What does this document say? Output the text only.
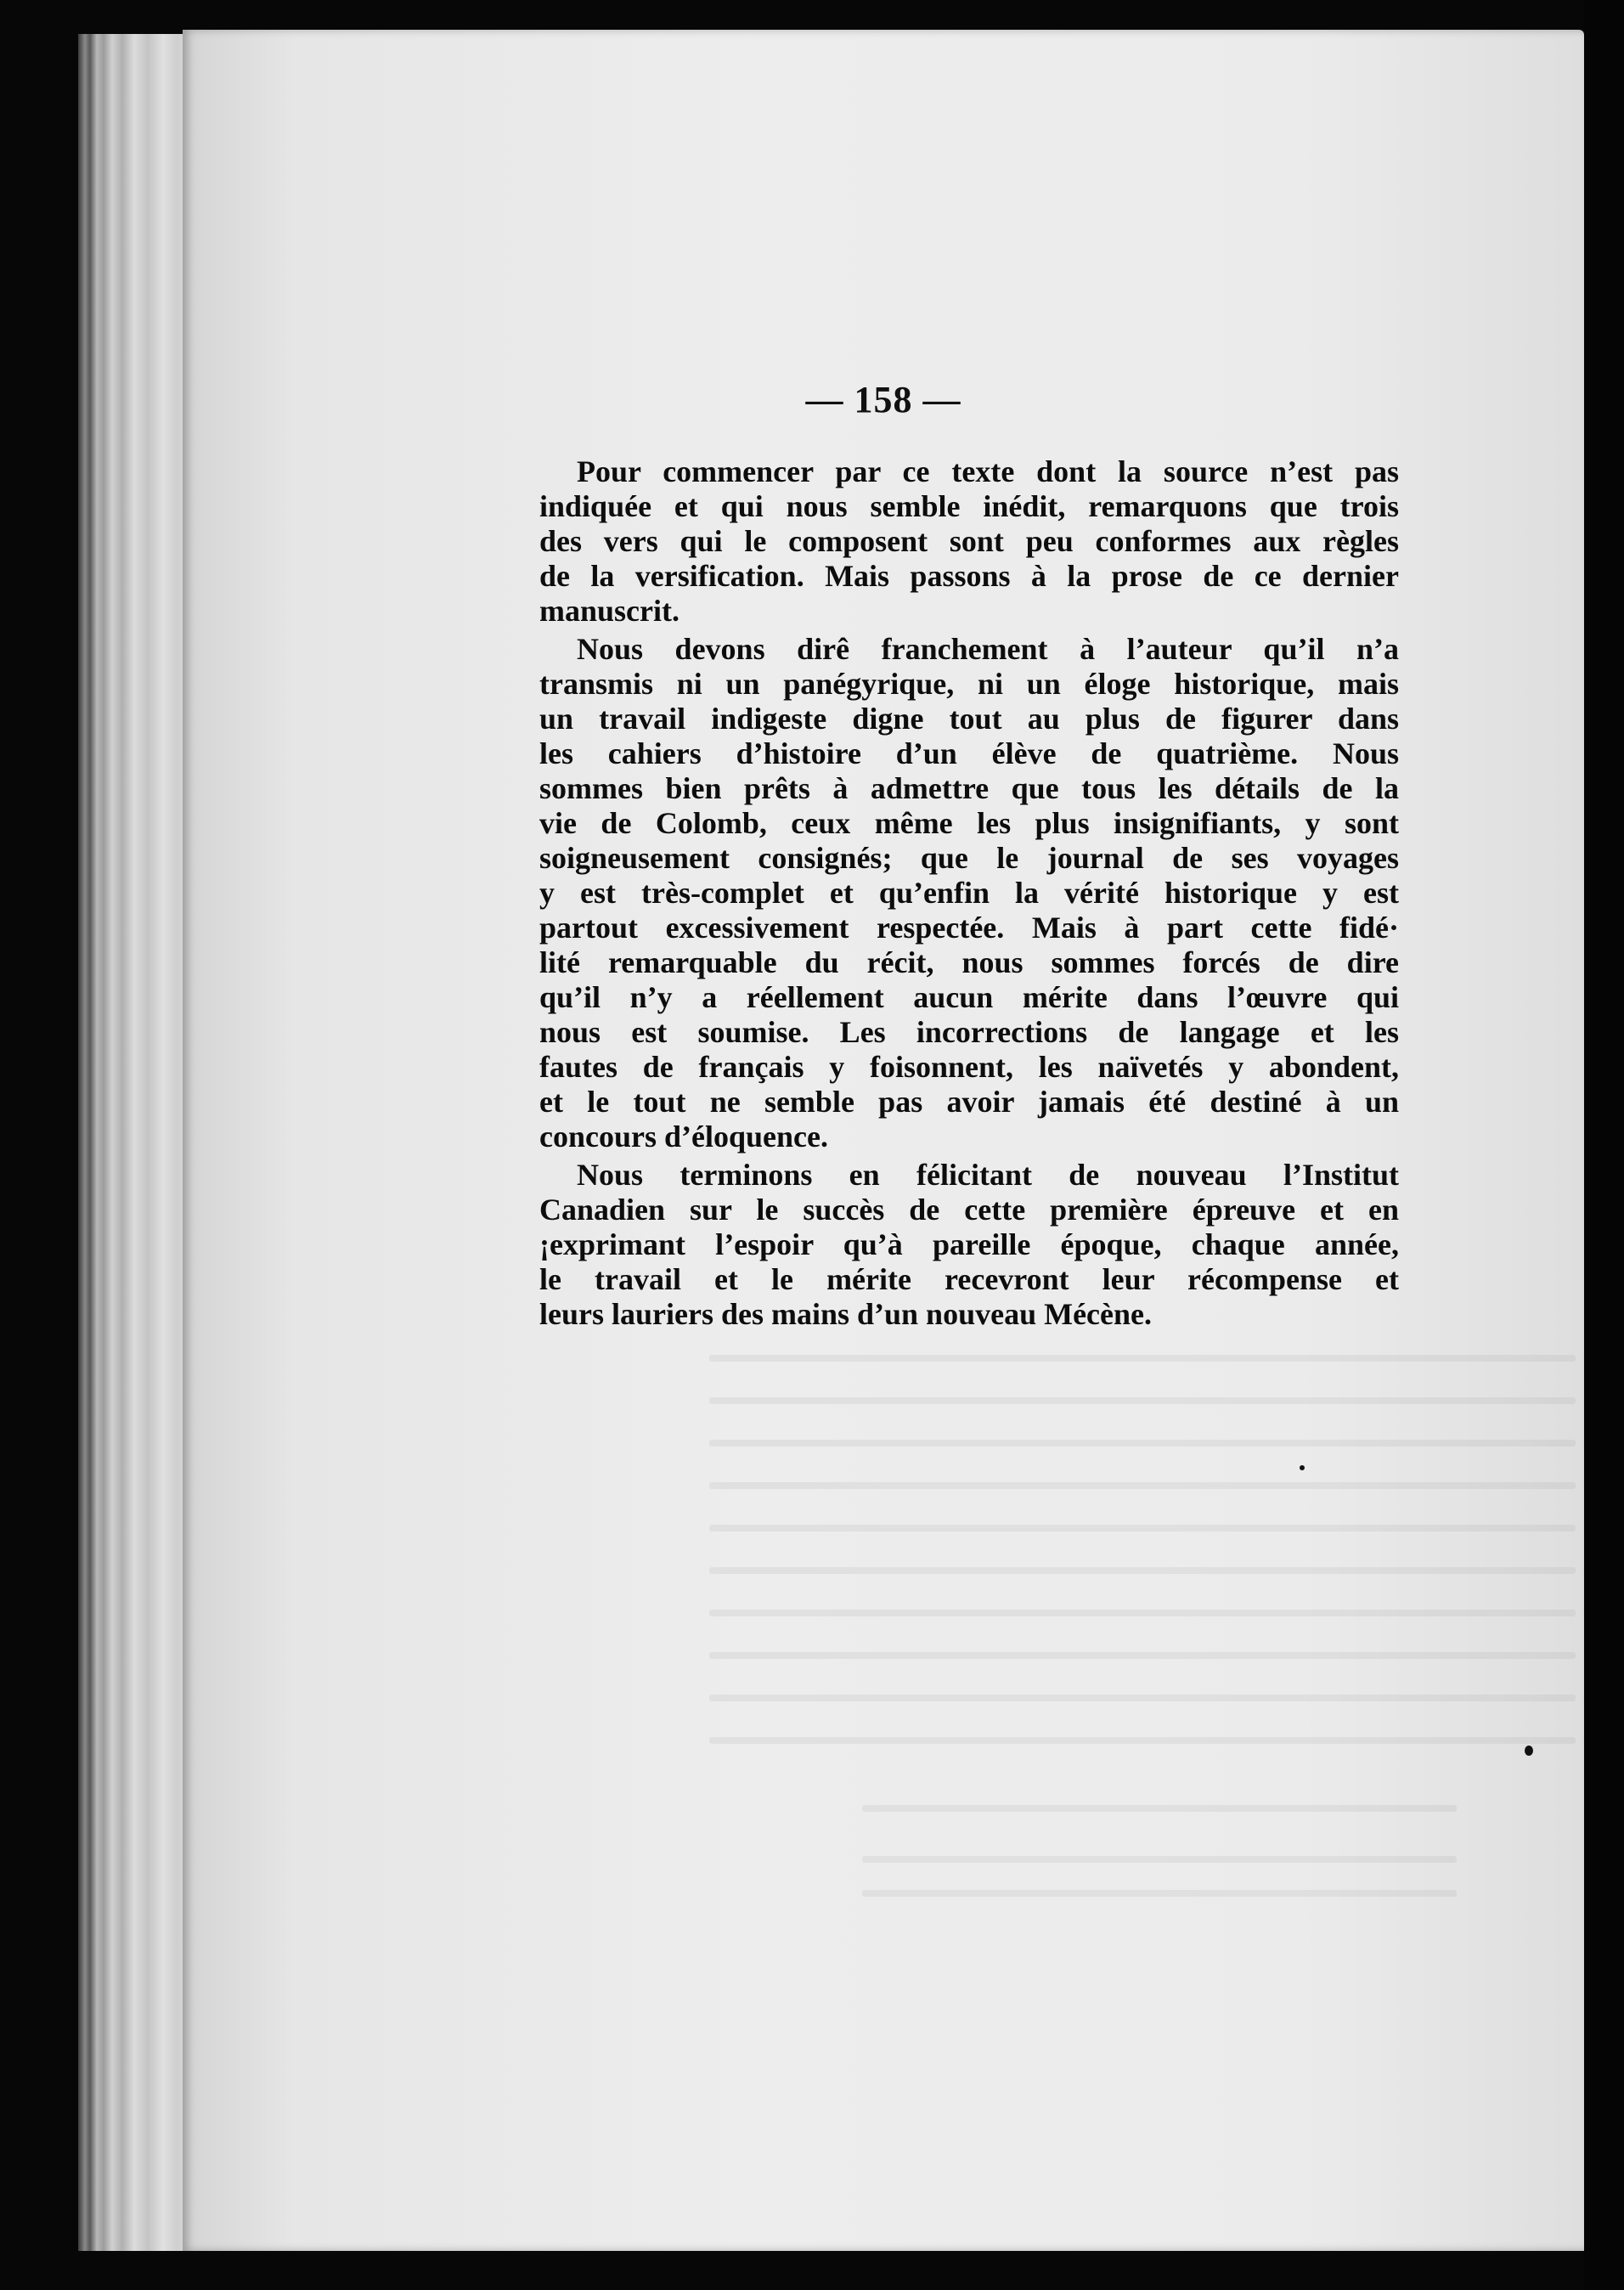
— 158 —
Pour commencer par ce texte dont la source n’est pas
indiquée et qui nous semble inédit, remarquons que trois
des vers qui le composent sont peu conformes aux règles
de la versification. Mais passons à la prose de ce dernier
manuscrit.
Nous devons dirê franchement à l’auteur qu’il n’a
transmis ni un panégyrique, ni un éloge historique, mais
un travail indigeste digne tout au plus de figurer dans
les cahiers d’histoire d’un élève de quatrième. Nous
sommes bien prêts à admettre que tous les détails de la
vie de Colomb, ceux même les plus insignifiants, y sont
soigneusement consignés; que le journal de ses voyages
y est très-complet et qu’enfin la vérité historique y est
partout excessivement respectée. Mais à part cette fidé·
lité remarquable du récit, nous sommes forcés de dire
qu’il n’y a réellement aucun mérite dans l’œuvre qui
nous est soumise. Les incorrections de langage et les
fautes de français y foisonnent, les naïvetés y abondent,
et le tout ne semble pas avoir jamais été destiné à un
concours d’éloquence.
Nous terminons en félicitant de nouveau l’Institut
Canadien sur le succès de cette première épreuve et en
¡exprimant l’espoir qu’à pareille époque, chaque année,
le travail et le mérite recevront leur récompense et
leurs lauriers des mains d’un nouveau Mécène.
